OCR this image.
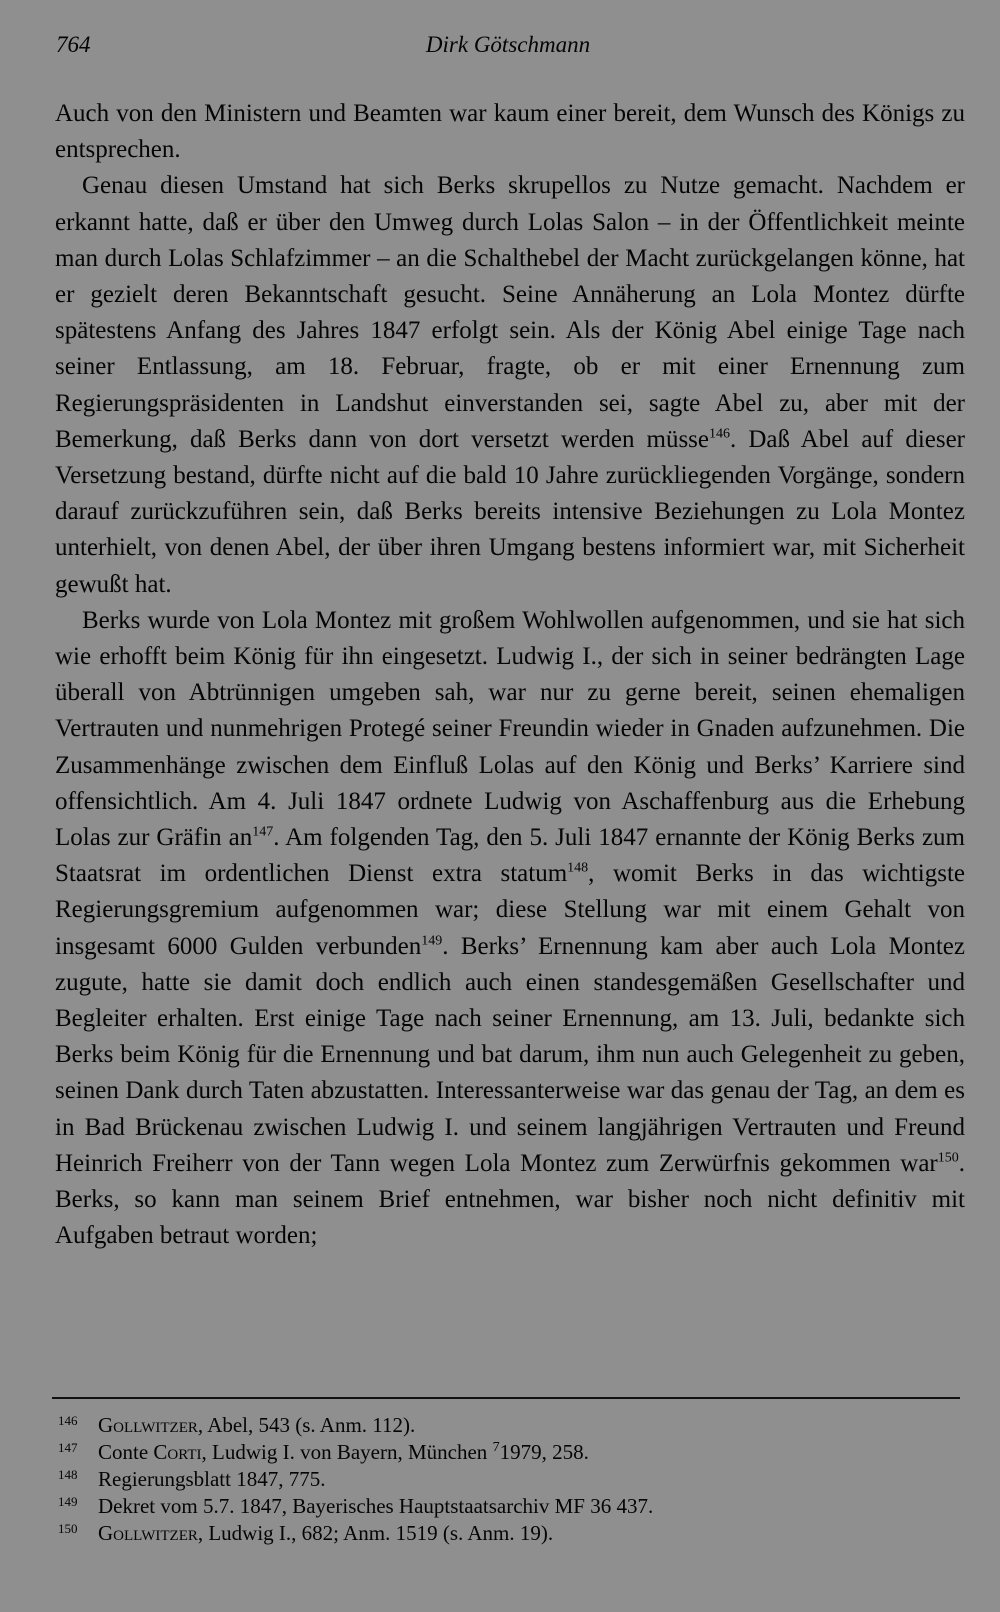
764	Dirk Götschmann

Auch von den Ministern und Beamten war kaum einer bereit, dem Wunsch des Königs zu entsprechen.

Genau diesen Umstand hat sich Berks skrupellos zu Nutze gemacht. Nachdem er erkannt hatte, daß er über den Umweg durch Lolas Salon – in der Öffentlichkeit meinte man durch Lolas Schlafzimmer – an die Schalthebel der Macht zurückgelangen könne, hat er gezielt deren Bekanntschaft gesucht. Seine Annäherung an Lola Montez dürfte spätestens Anfang des Jahres 1847 erfolgt sein. Als der König Abel einige Tage nach seiner Entlassung, am 18. Februar, fragte, ob er mit einer Ernennung zum Regierungspräsidenten in Landshut einverstanden sei, sagte Abel zu, aber mit der Bemerkung, daß Berks dann von dort versetzt werden müsse$^{146}$. Daß Abel auf dieser Versetzung bestand, dürfte nicht auf die bald 10 Jahre zurückliegenden Vorgänge, sondern darauf zurückzuführen sein, daß Berks bereits intensive Beziehungen zu Lola Montez unterhielt, von denen Abel, der über ihren Umgang bestens informiert war, mit Sicherheit gewußt hat.

Berks wurde von Lola Montez mit großem Wohlwollen aufgenommen, und sie hat sich wie erhofft beim König für ihn eingesetzt. Ludwig I., der sich in seiner bedrängten Lage überall von Abtrünnigen umgeben sah, war nur zu gerne bereit, seinen ehemaligen Vertrauten und nunmehrigen Protegé seiner Freundin wieder in Gnaden aufzunehmen. Die Zusammenhänge zwischen dem Einfluß Lolas auf den König und Berks’ Karriere sind offensichtlich. Am 4. Juli 1847 ordnete Ludwig von Aschaffenburg aus die Erhebung Lolas zur Gräfin $an^{147}$. Am folgenden Tag, den 5. Juli 1847 ernannte der König Berks zum Staatsrat im ordentlichen Dienst extra statum$^{148}$, womit Berks in das wichtigste Regierungsgremium aufgenommen war; diese Stellung war mit einem Gehalt von insgesamt 6000 Gulden verbunden$^{149}$. Berks’ Ernennung kam aber auch Lola Montez zugute, hatte sie damit doch endlich auch einen standesgemäßen Gesellschafter und Begleiter erhalten. Erst einige Tage nach seiner Ernennung, am 13. Juli, bedankte sich Berks beim König für die Ernennung und bat darum, ihm nun auch Gelegenheit zu geben, seinen Dank durch Taten abzustatten. Interessanterweise war das genau der Tag, an dem es in Bad Brückenau zwischen Ludwig I. und seinem langjährigen Vertrauten und Freund Heinrich Freiherr von der Tann wegen Lola Montez zum Zerwürfnis gekommen war$^{150}$. Berks, so kann man seinem Brief entnehmen, war bisher noch nicht definitiv mit Aufgaben betraut worden;

146 Gollwitzer, Abel, 543 (s. Anm. 112).
147 Conte Corti, Ludwig I. von Bayern, München $^7$1979, 258.
148 Regierungsblatt 1847, 775.
149 Dekret vom 5.7. 1847, Bayerisches Hauptstaatsarchiv MF 36 437.
150 Gollwitzer, Ludwig I., 682; Anm. 1519 (s. Anm. 19).
